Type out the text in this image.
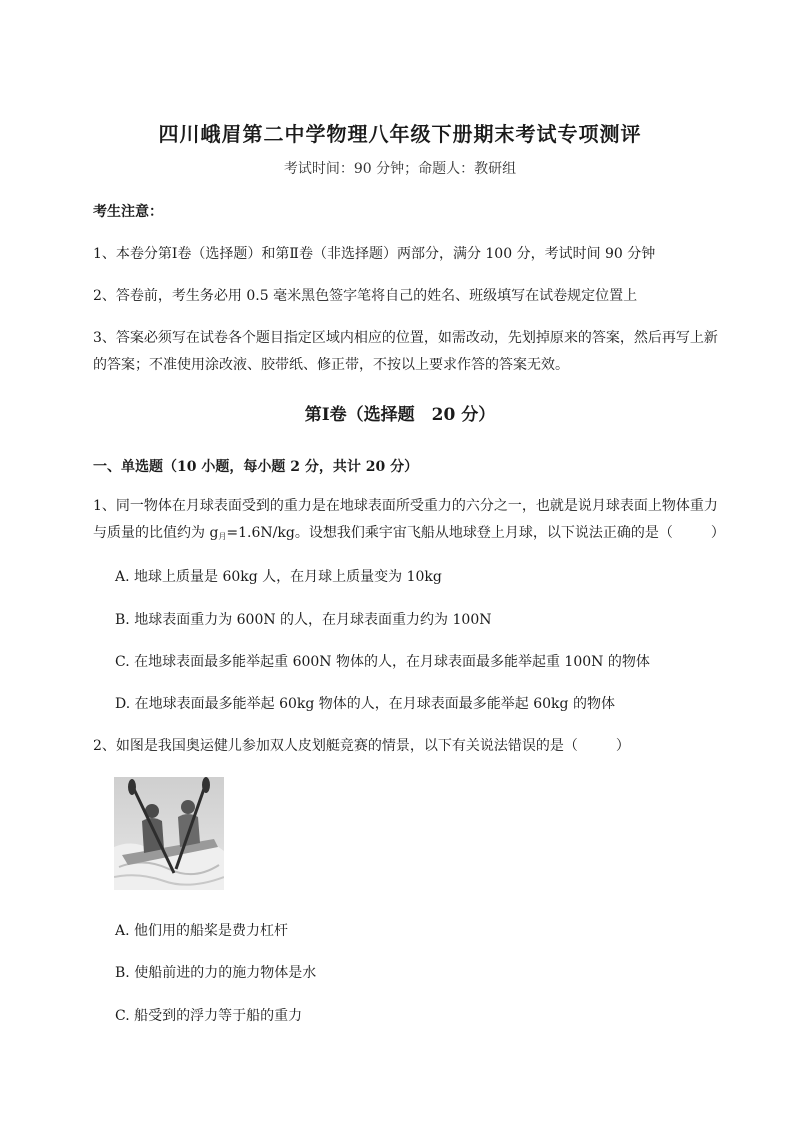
四川峨眉第二中学物理八年级下册期末考试专项测评
考试时间：90 分钟；命题人：教研组
考生注意：
1、本卷分第Ⅰ卷（选择题）和第Ⅱ卷（非选择题）两部分，满分 100 分，考试时间 90 分钟
2、答卷前，考生务必用 0.5 毫米黑色签字笔将自己的姓名、班级填写在试卷规定位置上
3、答案必须写在试卷各个题目指定区域内相应的位置，如需改动，先划掉原来的答案，然后再写上新
的答案；不准使用涂改液、胶带纸、修正带，不按以上要求作答的答案无效。
第Ⅰ卷（选择题　20 分）
一、单选题（10 小题，每小题 2 分，共计 20 分）
1、同一物体在月球表面受到的重力是在地球表面所受重力的六分之一，也就是说月球表面上物体重力
与质量的比值约为 $g_月=1.6N/kg$。设想我们乘宇宙飞船从地球登上月球，以下说法正确的是（	）
A. 地球上质量是 60kg 人，在月球上质量变为 10kg
B. 地球表面重力为 600N 的人，在月球表面重力约为 100N
C. 在地球表面最多能举起重 600N 物体的人，在月球表面最多能举起重 100N 的物体
D. 在地球表面最多能举起 60kg 物体的人，在月球表面最多能举起 60kg 的物体
2、如图是我国奥运健儿参加双人皮划艇竞赛的情景，以下有关说法错误的是（	）
A. 他们用的船桨是费力杠杆
B. 使船前进的力的施力物体是水
C. 船受到的浮力等于船的重力
